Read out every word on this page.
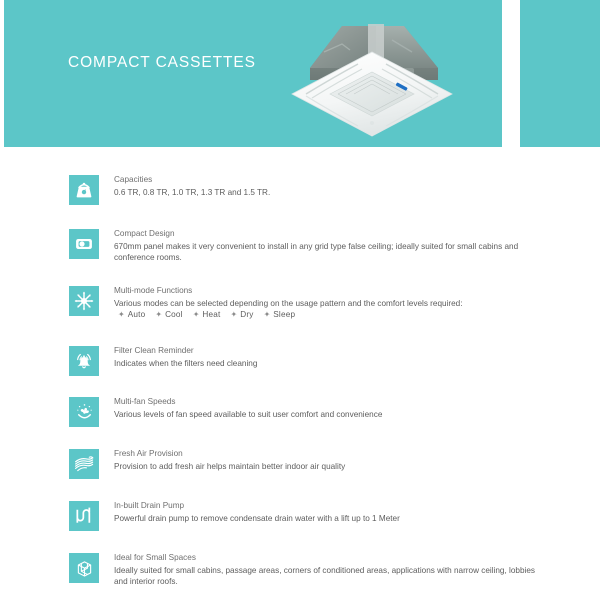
COMPACT CASSETTES

Capacities

0.6 TR, 0.8 TR, 1.0 TR, 1.3 TR and 1.5 TR.

Compact Design

670mm panel makes it very convenient to install in any grid type false ceiling; ideally suited for small cabins and conference rooms.

Multi-mode Functions

Various modes can be selected depending on the usage pattern and the comfort levels required:

✦ Auto	✦ Cool	✦ Heat	✦ Dry	✦ Sleep

Filter Clean Reminder

Indicates when the filters need cleaning

Multi-fan Speeds

Various levels of fan speed available to suit user comfort and convenience

Fresh Air Provision

Provision to add fresh air helps maintain better indoor air quality

In-built Drain Pump

Powerful drain pump to remove condensate drain water with a lift up to 1 Meter

Ideal for Small Spaces

Ideally suited for small cabins, passage areas, corners of conditioned areas, applications with narrow ceiling, lobbies and interior roofs.
